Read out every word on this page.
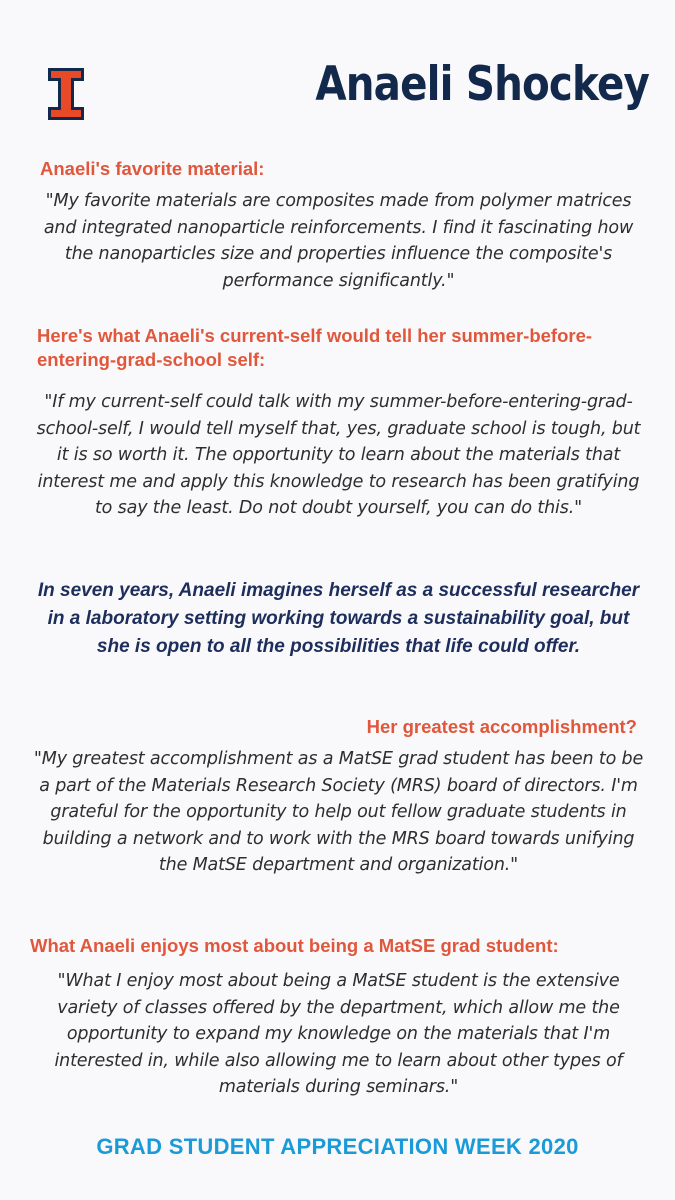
Anaeli Shockey
Anaeli's favorite material:

"My favorite materials are composites made from polymer matrices and integrated nanoparticle reinforcements. I find it fascinating how the nanoparticles size and properties influence the composite's performance significantly."

Here's what Anaeli's current-self would tell her summer-before-entering-grad-school self:

"If my current-self could talk with my summer-before-entering-grad-school-self, I would tell myself that, yes, graduate school is tough, but it is so worth it. The opportunity to learn about the materials that interest me and apply this knowledge to research has been gratifying to say the least. Do not doubt yourself, you can do this."

In seven years, Anaeli imagines herself as a successful researcher in a laboratory setting working towards a sustainability goal, but she is open to all the possibilities that life could offer.

Her greatest accomplishment?

"My greatest accomplishment as a MatSE grad student has been to be a part of the Materials Research Society (MRS) board of directors. I'm grateful for the opportunity to help out fellow graduate students in building a network and to work with the MRS board towards unifying the MatSE department and organization."

What Anaeli enjoys most about being a MatSE grad student:

"What I enjoy most about being a MatSE student is the extensive variety of classes offered by the department, which allow me the opportunity to expand my knowledge on the materials that I'm interested in, while also allowing me to learn about other types of materials during seminars."

GRAD STUDENT APPRECIATION WEEK 2020
